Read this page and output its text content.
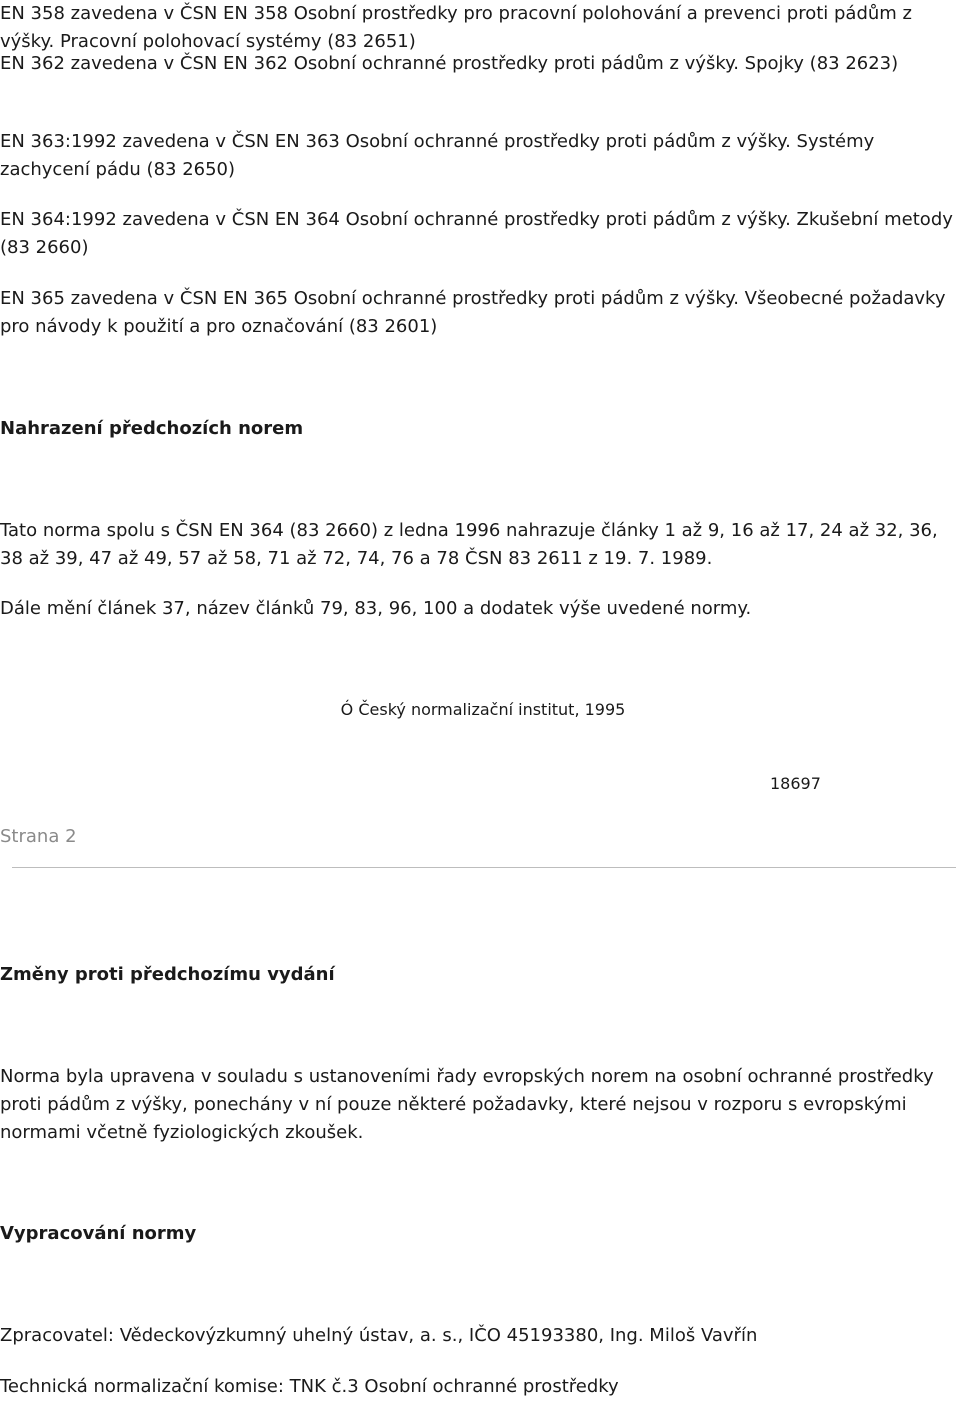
EN 358 zavedena v ČSN EN 358 Osobní prostředky pro pracovní polohování a prevenci proti pádům z výšky. Pracovní polohovací systémy (83 2651)
EN 362 zavedena v ČSN EN 362 Osobní ochranné prostředky proti pádům z výšky. Spojky (83 2623)
EN 363:1992 zavedena v ČSN EN 363 Osobní ochranné prostředky proti pádům z výšky. Systémy zachycení pádu (83 2650)
EN 364:1992 zavedena v ČSN EN 364 Osobní ochranné prostředky proti pádům z výšky. Zkušební metody (83 2660)
EN 365 zavedena v ČSN EN 365 Osobní ochranné prostředky proti pádům z výšky. Všeobecné požadavky pro návody k použití a pro označování (83 2601)
Nahrazení předchozích norem
Tato norma spolu s ČSN EN 364 (83 2660) z ledna 1996 nahrazuje články 1 až 9, 16 až 17, 24 až 32, 36, 38 až 39, 47 až 49, 57 až 58, 71 až 72, 74, 76 a 78 ČSN 83 2611 z 19. 7. 1989.
Dále mění článek 37, název článků 79, 83, 96, 100 a dodatek výše uvedené normy.
Ó Český normalizační institut, 1995
18697
Strana 2
Změny proti předchozímu vydání
Norma byla upravena v souladu s ustanoveními řady evropských norem na osobní ochranné prostředky proti pádům z výšky, ponechány v ní pouze některé požadavky, které nejsou v rozporu s evropskými normami včetně fyziologických zkoušek.
Vypracování normy
Zpracovatel: Vědeckovýzkumný uhelný ústav, a. s., IČO 45193380, Ing. Miloš Vavřín
Technická normalizační komise: TNK č.3 Osobní ochranné prostředky
